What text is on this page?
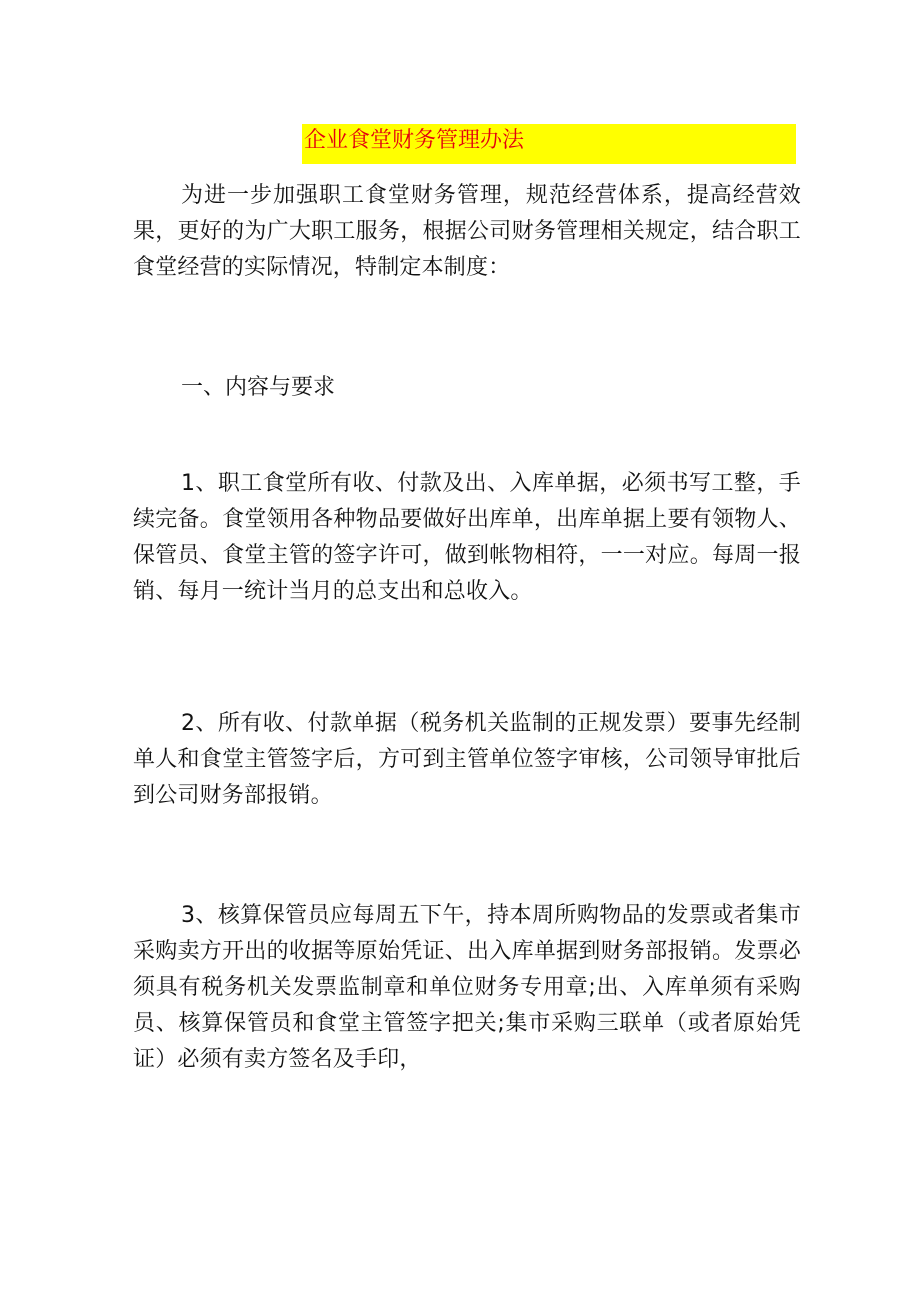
企业食堂财务管理办法

为进一步加强职工食堂财务管理，规范经营体系，提高经营效果，更好的为广大职工服务，根据公司财务管理相关规定，结合职工食堂经营的实际情况，特制定本制度：

一、内容与要求

1、职工食堂所有收、付款及出、入库单据，必须书写工整，手续完备。食堂领用各种物品要做好出库单，出库单据上要有领物人、保管员、食堂主管的签字许可，做到帐物相符，一一对应。每周一报销、每月一统计当月的总支出和总收入。

2、所有收、付款单据（税务机关监制的正规发票）要事先经制单人和食堂主管签字后，方可到主管单位签字审核，公司领导审批后到公司财务部报销。

3、核算保管员应每周五下午，持本周所购物品的发票或者集市采购卖方开出的收据等原始凭证、出入库单据到财务部报销。发票必须具有税务机关发票监制章和单位财务专用章;出、入库单须有采购员、核算保管员和食堂主管签字把关;集市采购三联单（或者原始凭证）必须有卖方签名及手印，
